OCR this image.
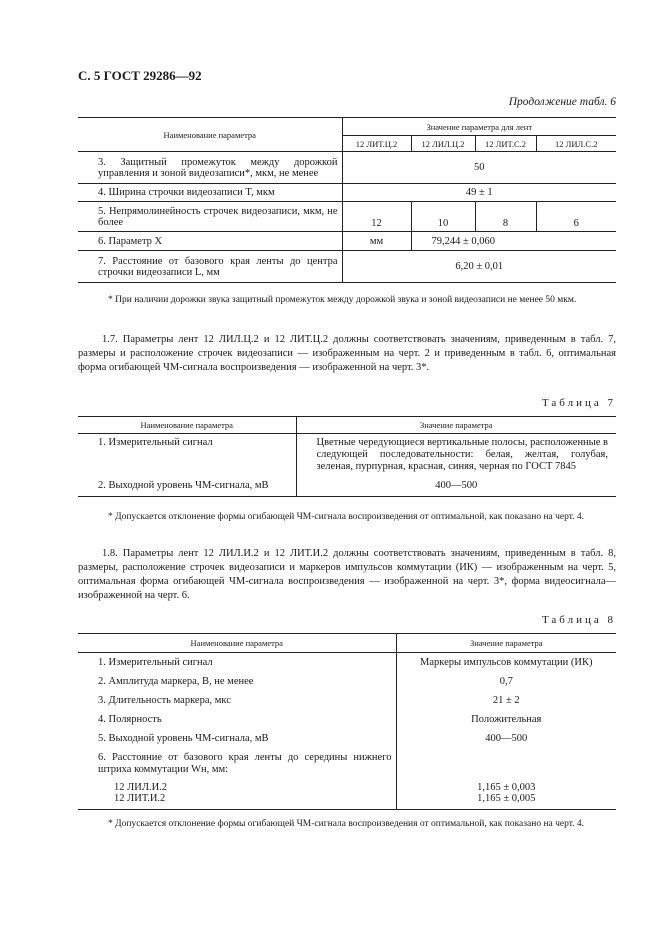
С. 5 ГОСТ 29286—92
Продолжение табл. 6
Наименование параметра	Значение параметра для лент			
	12 ЛИТ.Ц.2	12 ЛИЛ.Ц.2	12 ЛИТ.С.2	12 ЛИЛ.С.2
3. Защитный промежуток между дорожкой управления и зоной видеозаписи*, мкм, не менее	50			
4. Ширина строчки видеозаписи T, мкм	49 ± 1			
5. Непрямолинейность строчек видеозаписи, мкм, не более	12	10	8	6
6. Параметр X	мм	79,244 ± 0,060		
7. Расстояние от базового края ленты до центра строчки видеозаписи L, мм	6,20 ± 0,01			

* При наличии дорожки звука защитный промежуток между дорожкой звука и зоной видеозаписи не менее 50 мкм.

1.7. Параметры лент 12 ЛИЛ.Ц.2 и 12 ЛИТ.Ц.2 должны соответствовать значениям, приведенным в табл. 7, размеры и расположение строчек видеозаписи — изображенным на черт. 2 и приведенным в табл. 6, оптимальная форма огибающей ЧМ-сигнала воспроизведения — изображенной на черт. 3*.

Таблица 7
Наименование параметра	Значение параметра
1. Измерительный сигнал	Цветные чередующиеся вертикальные полосы, расположенные в следующей последовательности: белая, желтая, голубая, зеленая, пурпурная, красная, синяя, черная по ГОСТ 7845

2. Выходной уровень ЧМ-сигнала, мВ	400—500

* Допускается отклонение формы огибающей ЧМ-сигнала воспроизведения от оптимальной, как показано на черт. 4.

1.8. Параметры лент 12 ЛИЛ.И.2 и 12 ЛИТ.И.2 должны соответствовать значениям, приведенным в табл. 8, размеры, расположение строчек видеозаписи и маркеров импульсов коммутации (ИК) — изображенным на черт. 5, оптимальная форма огибающей ЧМ-сигнала воспроизведения — изображенной на черт. 3*, форма видеосигнала— изображенной на черт. 6.

Таблица 8
Наименование параметра	Значение параметра
1. Измерительный сигнал	Маркеры импульсов коммутации (ИК)
2. Амплитуда маркера, В, не менее	0,7
3. Длительность маркера, мкс	21 ± 2
4. Полярность	Положительная
5. Выходной уровень ЧМ-сигнала, мВ	400—500

6. Расстояние от базового края ленты до середины нижнего штриха коммутации Wн, мм:	

12 ЛИЛ.И.2	1,165 ± 0,003
12 ЛИТ.И.2	1,165 ± 0,005

* Допускается отклонение формы огибающей ЧМ-сигнала воспроизведения от оптимальной, как показано на черт. 4.
